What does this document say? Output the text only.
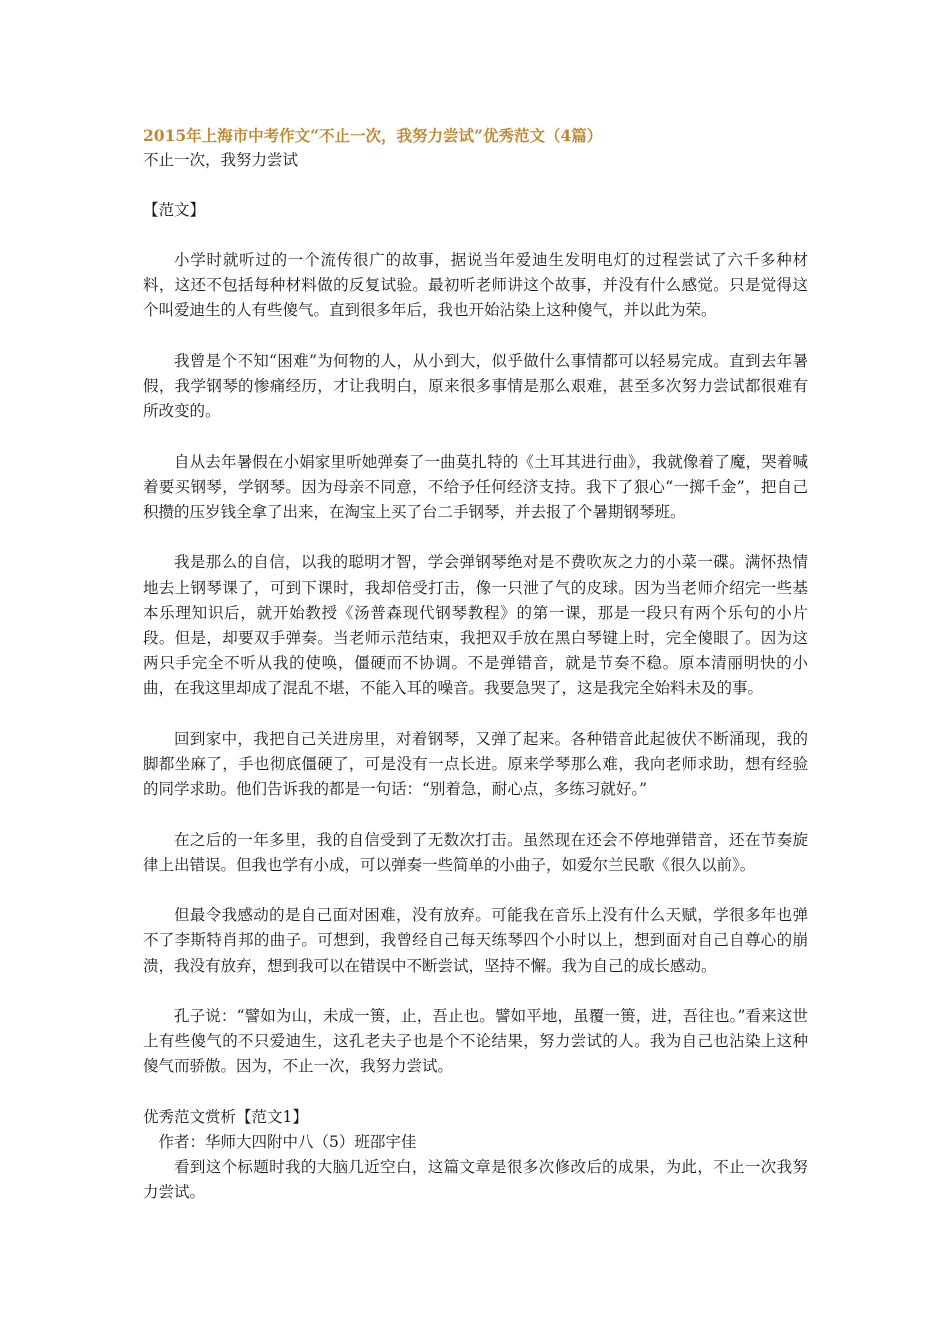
2015年上海市中考作文“不止一次，我努力尝试”优秀范文（4篇）

不止一次，我努力尝试

【范文】

小学时就听过的一个流传很广的故事，据说当年爱迪生发明电灯的过程尝试了六千多种材料，这还不包括每种材料做的反复试验。最初听老师讲这个故事，并没有什么感觉。只是觉得这个叫爱迪生的人有些傻气。直到很多年后，我也开始沾染上这种傻气，并以此为荣。

我曾是个不知“困难”为何物的人，从小到大，似乎做什么事情都可以轻易完成。直到去年暑假，我学钢琴的惨痛经历，才让我明白，原来很多事情是那么艰难，甚至多次努力尝试都很难有所改变的。

自从去年暑假在小娟家里听她弹奏了一曲莫扎特的《土耳其进行曲》，我就像着了魔，哭着喊着要买钢琴，学钢琴。因为母亲不同意，不给予任何经济支持。我下了狠心“一掷千金”，把自己积攒的压岁钱全拿了出来，在淘宝上买了台二手钢琴，并去报了个暑期钢琴班。

我是那么的自信，以我的聪明才智，学会弹钢琴绝对是不费吹灰之力的小菜一碟。满怀热情地去上钢琴课了，可到下课时，我却倍受打击，像一只泄了气的皮球。因为当老师介绍完一些基本乐理知识后，就开始教授《汤普森现代钢琴教程》的第一课，那是一段只有两个乐句的小片段。但是，却要双手弹奏。当老师示范结束，我把双手放在黑白琴键上时，完全傻眼了。因为这两只手完全不听从我的使唤，僵硬而不协调。不是弹错音，就是节奏不稳。原本清丽明快的小曲，在我这里却成了混乱不堪，不能入耳的噪音。我要急哭了，这是我完全始料未及的事。

回到家中，我把自己关进房里，对着钢琴，又弹了起来。各种错音此起彼伏不断涌现，我的脚都坐麻了，手也彻底僵硬了，可是没有一点长进。原来学琴那么难，我向老师求助，想有经验的同学求助。他们告诉我的都是一句话：“别着急，耐心点，多练习就好。”

在之后的一年多里，我的自信受到了无数次打击。虽然现在还会不停地弹错音，还在节奏旋律上出错误。但我也学有小成，可以弹奏一些简单的小曲子，如爱尔兰民歌《很久以前》。

但最令我感动的是自己面对困难，没有放弃。可能我在音乐上没有什么天赋，学很多年也弹不了李斯特肖邦的曲子。可想到，我曾经自己每天练琴四个小时以上，想到面对自己自尊心的崩溃，我没有放弃，想到我可以在错误中不断尝试，坚持不懈。我为自己的成长感动。

孔子说：“譬如为山，未成一篑，止，吾止也。譬如平地，虽覆一篑，进，吾往也。”看来这世上有些傻气的不只爱迪生，这孔老夫子也是个不论结果，努力尝试的人。我为自己也沾染上这种傻气而骄傲。因为，不止一次，我努力尝试。

优秀范文赏析【范文1】

作者：华师大四附中八（5）班邵宇佳

看到这个标题时我的大脑几近空白，这篇文章是很多次修改后的成果，为此，不止一次我努力尝试。
